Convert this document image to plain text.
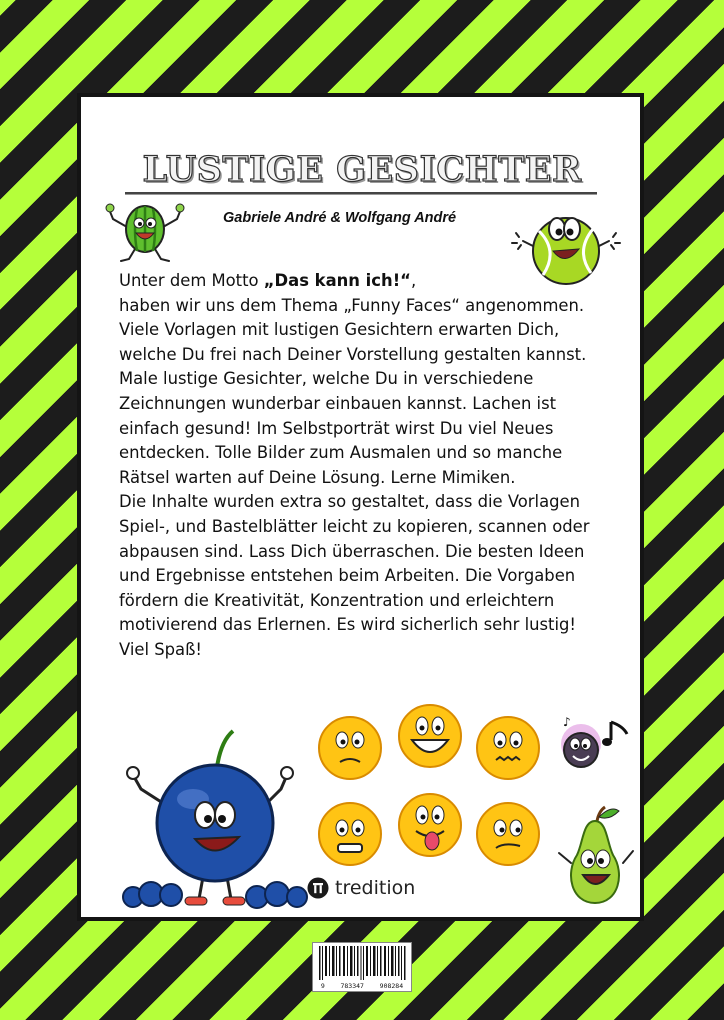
LUSTIGE GESICHTER
Gabriele André & Wolfgang André
Unter dem Motto „Das kann ich!“,
haben wir uns dem Thema „Funny Faces“ angenommen.
Viele Vorlagen mit lustigen Gesichtern erwarten Dich,
welche Du frei nach Deiner Vorstellung gestalten kannst.
Male lustige Gesichter, welche Du in verschiedene
Zeichnungen wunderbar einbauen kannst. Lachen ist
einfach gesund! Im Selbstporträt wirst Du viel Neues
entdecken. Tolle Bilder zum Ausmalen und so manche
Rätsel warten auf Deine Lösung. Lerne Mimiken.
Die Inhalte wurden extra so gestaltet, dass die Vorlagen
Spiel-, und Bastelblätter leicht zu kopieren, scannen oder
abpausen sind. Lass Dich überraschen. Die besten Ideen
und Ergebnisse entstehen beim Arbeiten. Die Vorgaben
fördern die Kreativität, Konzentration und erleichtern
motivierend das Erlernen. Es wird sicherlich sehr lustig!
Viel Spaß!
♪
tredition
9 783347 908284
